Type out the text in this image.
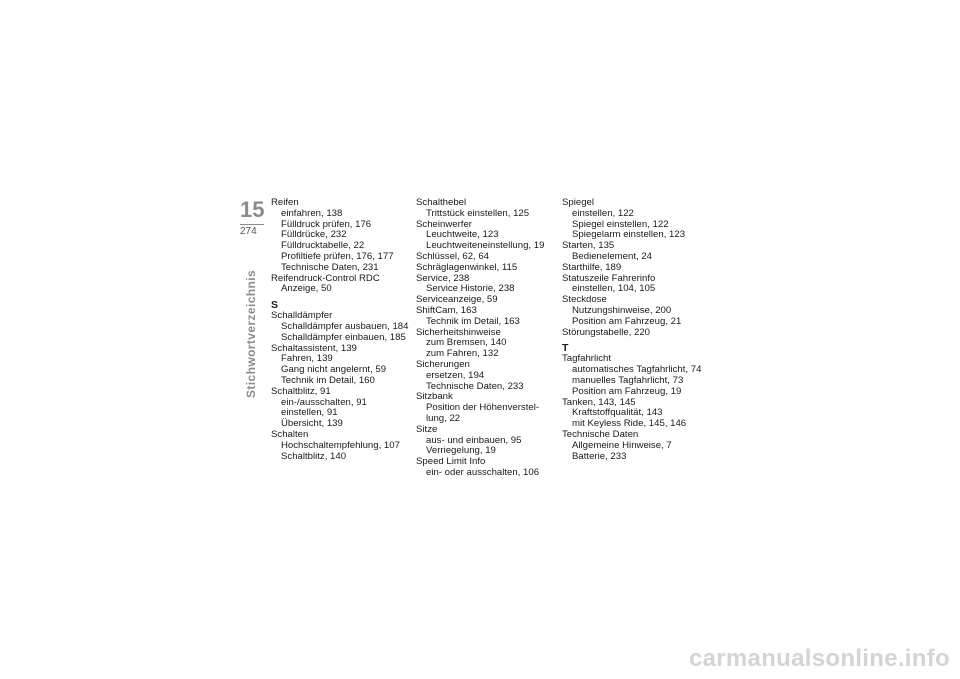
15
274
Stichwortverzeichnis
Reifen
einfahren, 138
Fülldruck prüfen, 176
Fülldrücke, 232
Fülldrucktabelle, 22
Profiltiefe prüfen, 176, 177
Technische Daten, 231
Reifendruck-Control RDC
Anzeige, 50
S
Schalldämpfer
Schalldämpfer ausbauen, 184
Schalldämpfer einbauen, 185
Schaltassistent, 139
Fahren, 139
Gang nicht angelernt, 59
Technik im Detail, 160
Schaltblitz, 91
ein-/ausschalten, 91
einstellen, 91
Übersicht, 139
Schalten
Hochschaltempfehlung, 107
Schaltblitz, 140
Schalthebel
Trittstück einstellen, 125
Scheinwerfer
Leuchtweite, 123
Leuchtweiteneinstellung, 19
Schlüssel, 62, 64
Schräglagenwinkel, 115
Service, 238
Service Historie, 238
Serviceanzeige, 59
ShiftCam, 163
Technik im Detail, 163
Sicherheitshinweise
zum Bremsen, 140
zum Fahren, 132
Sicherungen
ersetzen, 194
Technische Daten, 233
Sitzbank
Position der Höhenverstel-
lung, 22
Sitze
aus- und einbauen, 95
Verriegelung, 19
Speed Limit Info
ein- oder ausschalten, 106
Spiegel
einstellen, 122
Spiegel einstellen, 122
Spiegelarm einstellen, 123
Starten, 135
Bedienelement, 24
Starthilfe, 189
Statuszeile Fahrerinfo
einstellen, 104, 105
Steckdose
Nutzungshinweise, 200
Position am Fahrzeug, 21
Störungstabelle, 220
T
Tagfahrlicht
automatisches Tagfahrlicht, 74
manuelles Tagfahrlicht, 73
Position am Fahrzeug, 19
Tanken, 143, 145
Kraftstoffqualität, 143
mit Keyless Ride, 145, 146
Technische Daten
Allgemeine Hinweise, 7
Batterie, 233
carmanualsonline.info
